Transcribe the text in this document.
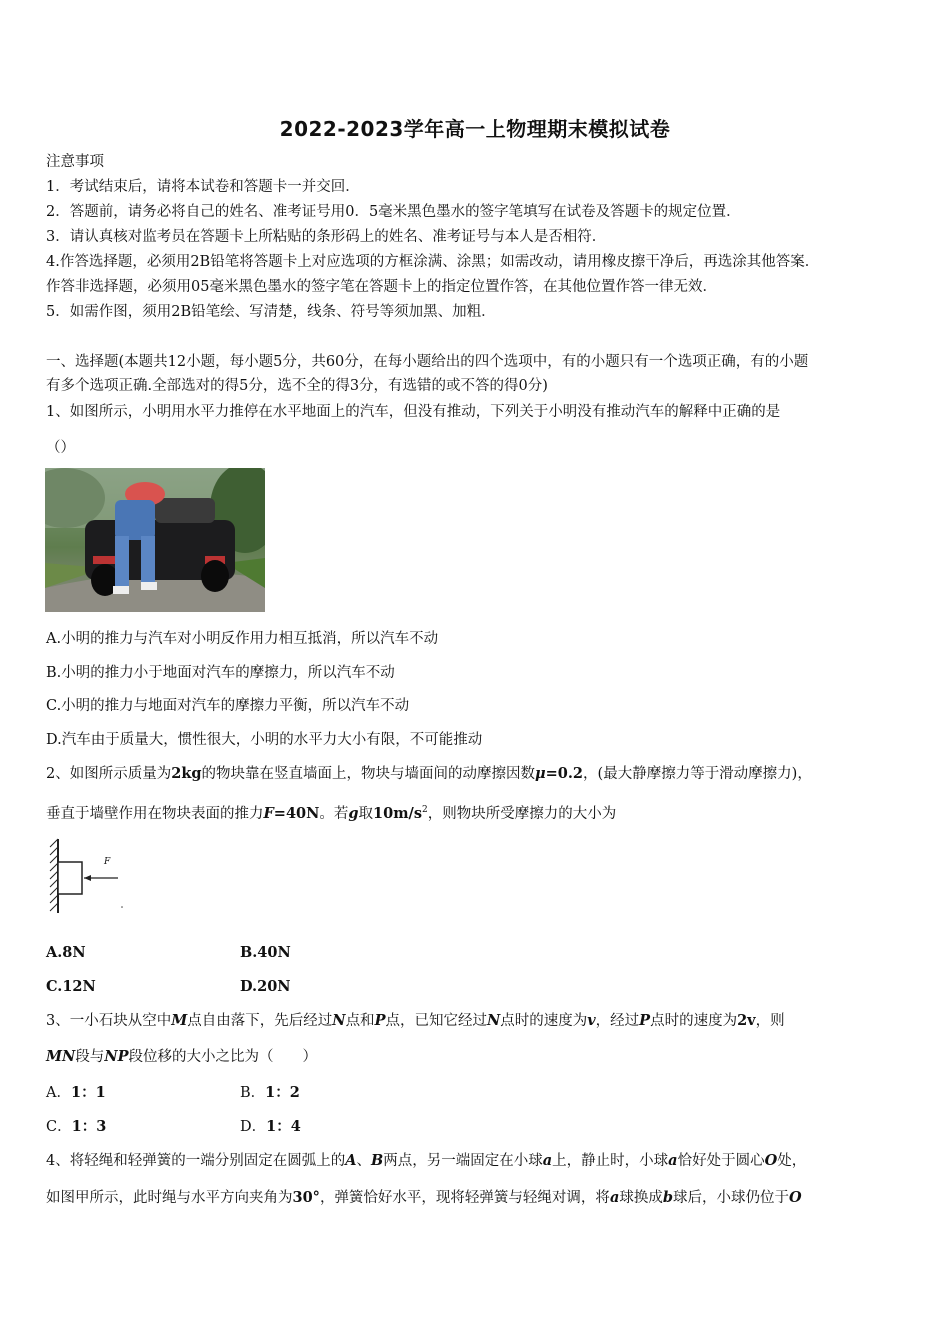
2022-2023学年高一上物理期末模拟试卷
注意事项
1．考试结束后，请将本试卷和答题卡一并交回．
2．答题前，请务必将自己的姓名、准考证号用0．5毫米黑色墨水的签字笔填写在试卷及答题卡的规定位置．
3．请认真核对监考员在答题卡上所粘贴的条形码上的姓名、准考证号与本人是否相符．
4.作答选择题，必须用2B铅笔将答题卡上对应选项的方框涂满、涂黑；如需改动，请用橡皮擦干净后，再选涂其他答案．
作答非选择题，必须用05毫米黑色墨水的签字笔在答题卡上的指定位置作答，在其他位置作答一律无效．
5．如需作图，须用2B铅笔绘、写清楚，线条、符号等须加黑、加粗．
一、选择题(本题共12小题，每小题5分，共60分，在每小题给出的四个选项中，有的小题只有一个选项正确，有的小题
有多个选项正确.全部选对的得5分，选不全的得3分，有选错的或不答的得0分)
1、如图所示，小明用水平力推停在水平地面上的汽车，但没有推动，下列关于小明没有推动汽车的解释中正确的是
（）
A.小明的推力与汽车对小明反作用力相互抵消，所以汽车不动
B.小明的推力小于地面对汽车的摩擦力，所以汽车不动
C.小明的推力与地面对汽车的摩擦力平衡，所以汽车不动
D.汽车由于质量大，惯性很大，小明的水平力大小有限，不可能推动
2、如图所示质量为2kg的物块靠在竖直墙面上，物块与墙面间的动摩擦因数μ=0.2，(最大静摩擦力等于滑动摩擦力)，
垂直于墙壁作用在物块表面的推力F=40N。若g取$10m/s^2$，则物块所受摩擦力的大小为
F
A.8N	B.40N
C.12N	D.20N
3、一小石块从空中M点自由落下，先后经过N点和P点，已知它经过N点时的速度为v，经过P点时的速度为2v，则
MN段与NP段位移的大小之比为（　　）
A．1：1	B．1：2
C．1：3	D．1：4
4、将轻绳和轻弹簧的一端分别固定在圆弧上的A、B两点，另一端固定在小球a上，静止时，小球a恰好处于圆心O处，
如图甲所示，此时绳与水平方向夹角为30°，弹簧恰好水平，现将轻弹簧与轻绳对调，将a球换成b球后，小球仍位于O
